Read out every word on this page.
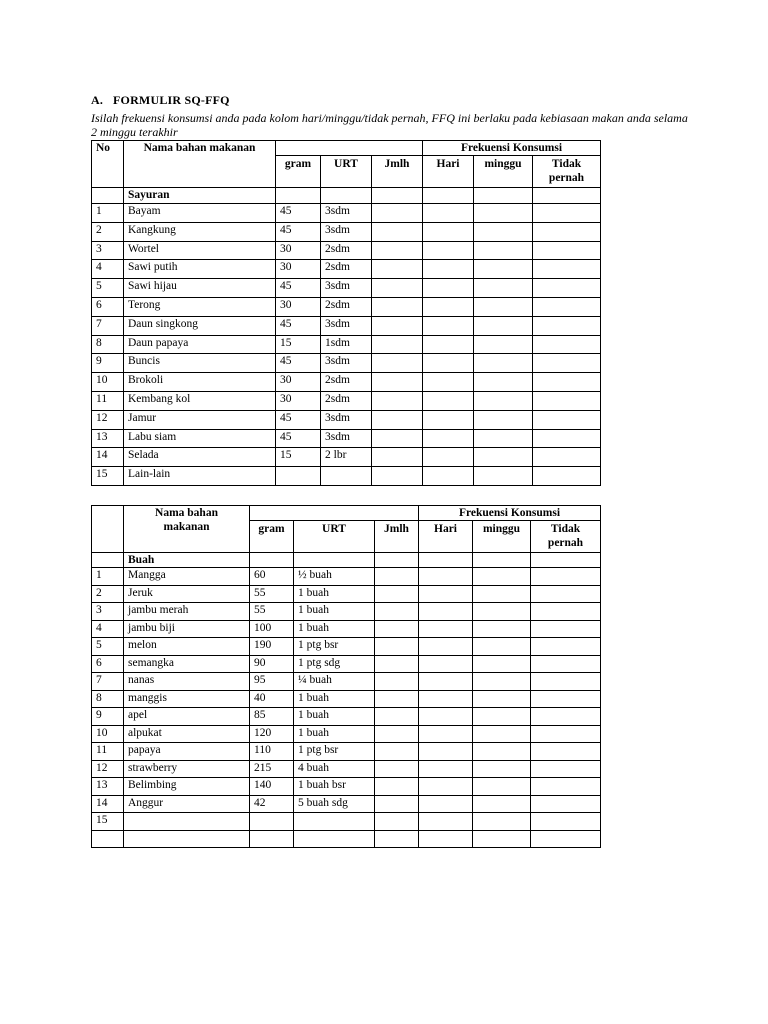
A. FORMULIR SQ-FFQ
Isilah frekuensi konsumsi anda pada kolom hari/minggu/tidak pernah, FFQ ini berlaku pada kebiasaan makan anda selama 2 minggu terakhir
No	Nama bahan makanan				Frekuensi Konsumsi		
		gram	URT	Jmlh	Hari	minggu	Tidak
pernah
	Sayuran						
1	Bayam	45	3sdm				
2	Kangkung	45	3sdm				
3	Wortel	30	2sdm				
4	Sawi putih	30	2sdm				
5	Sawi hijau	45	3sdm				
6	Terong	30	2sdm				
7	Daun singkong	45	3sdm				
8	Daun papaya	15	1sdm				
9	Buncis	45	3sdm				
10	Brokoli	30	2sdm				
11	Kembang kol	30	2sdm				
12	Jamur	45	3sdm				
13	Labu siam	45	3sdm				
14	Selada	15	2 lbr				
15	Lain-lain						
	Nama bahan
makanan				Frekuensi Konsumsi		
		gram	URT	Jmlh	Hari	minggu	Tidak
pernah
	Buah						
1	Mangga	60	½ buah				
2	Jeruk	55	1 buah				
3	jambu merah	55	1 buah				
4	jambu biji	100	1 buah				
5	melon	190	1 ptg bsr				
6	semangka	90	1 ptg sdg				
7	nanas	95	¼ buah				
8	manggis	40	1 buah				
9	apel	85	1 buah				
10	alpukat	120	1 buah				
11	papaya	110	1 ptg bsr				
12	strawberry	215	4 buah				
13	Belimbing	140	1 buah bsr				
14	Anggur	42	5 buah sdg				
15							
